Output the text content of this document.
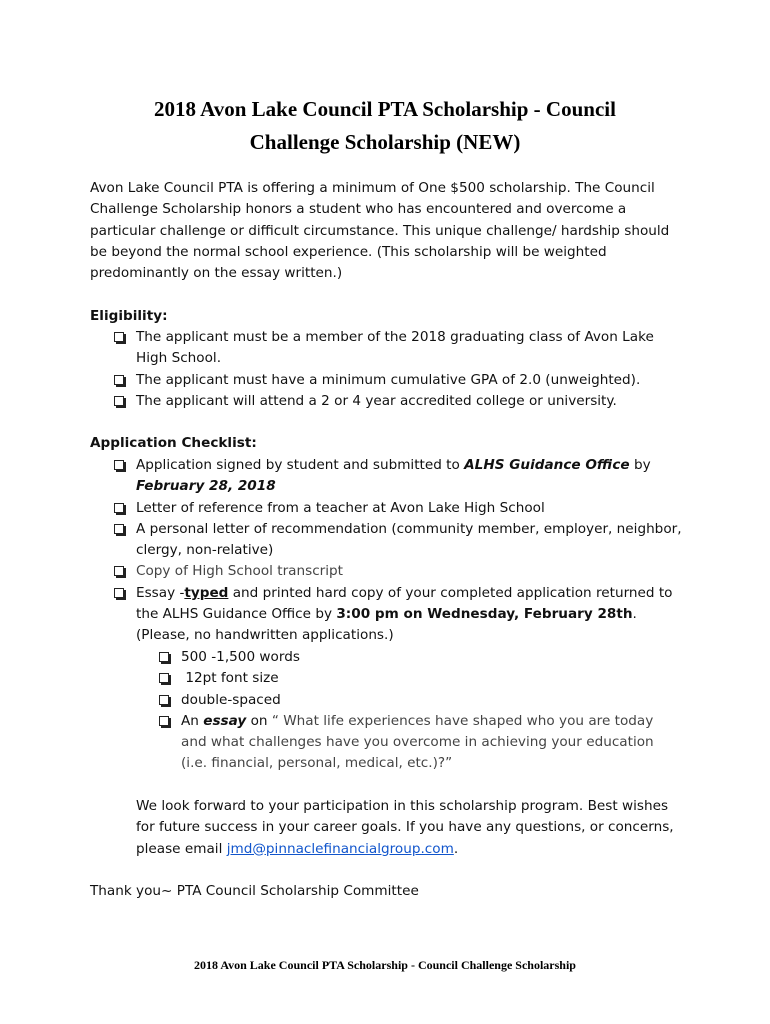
2018 Avon Lake Council PTA Scholarship - Council
Challenge Scholarship (NEW)
Avon Lake Council PTA is offering a minimum of One $500 scholarship. The Council Challenge Scholarship honors a student who has encountered and overcome a particular challenge or difficult circumstance. This unique challenge/ hardship should be beyond the normal school experience. (This scholarship will be weighted predominantly on the essay written.)
Eligibility:
The applicant must be a member of the 2018 graduating class of Avon Lake High School.
The applicant must have a minimum cumulative GPA of 2.0 (unweighted).
The applicant will attend a 2 or 4 year accredited college or university.
Application Checklist:
Application signed by student and submitted to ALHS Guidance Office by
February 28, 2018
Letter of reference from a teacher at Avon Lake High School
A personal letter of recommendation (community member, employer, neighbor, clergy, non-relative)
Copy of High School transcript
Essay -typed and printed hard copy of your completed application returned to the ALHS Guidance Office by 3:00 pm on Wednesday, February 28th. (Please, no handwritten applications.)
500 -1,500 words
12pt font size
double-spaced
An essay on “ What life experiences have shaped who you are today and what challenges have you overcome in achieving your education (i.e. financial, personal, medical, etc.)?”
We look forward to your participation in this scholarship program. Best wishes for future success in your career goals. If you have any questions, or concerns, please email jmd@pinnaclefinancialgroup.com.
Thank you~ PTA Council Scholarship Committee
2018 Avon Lake Council PTA Scholarship - Council Challenge Scholarship
